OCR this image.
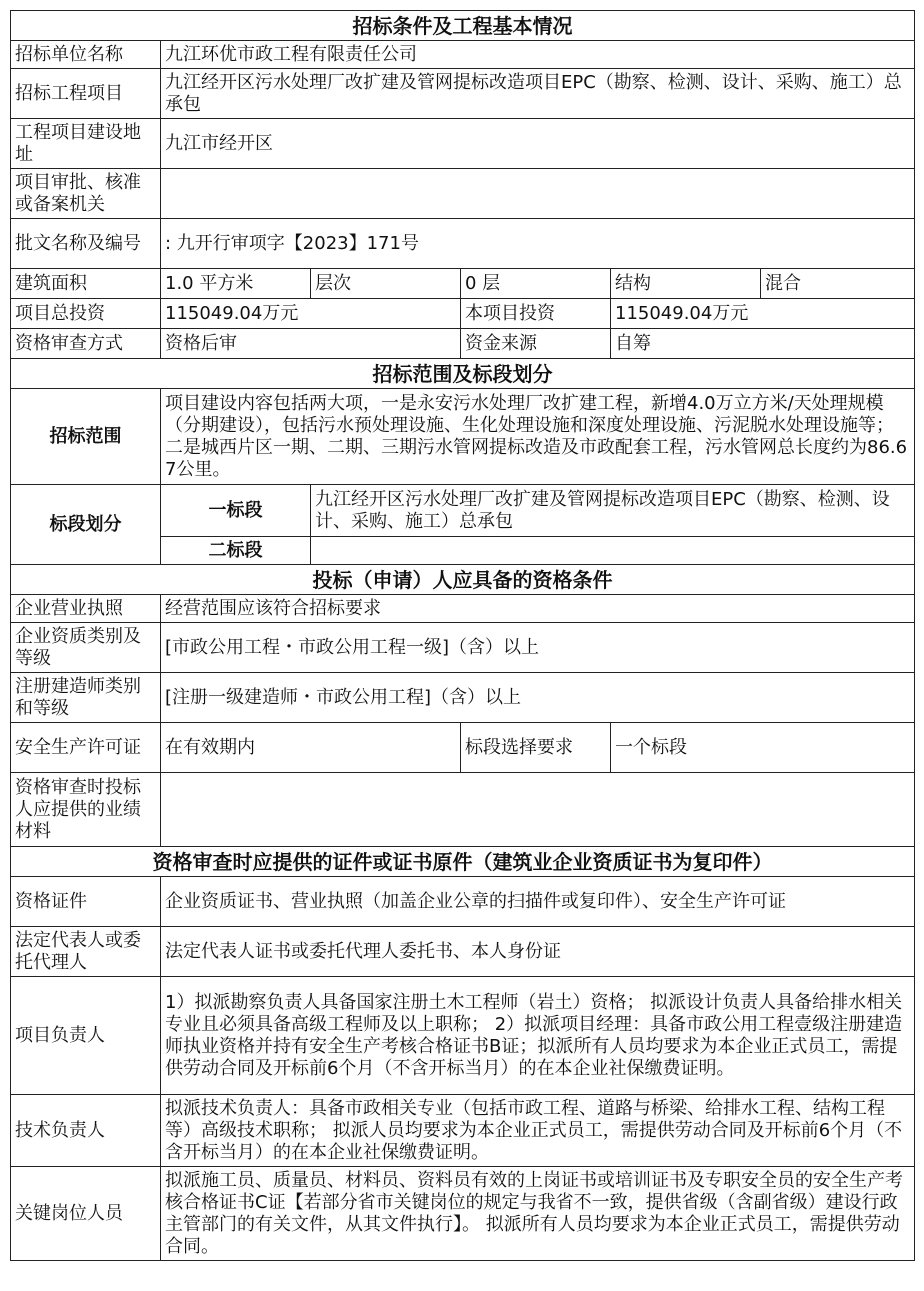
招标条件及工程基本情况					
招标单位名称	九江环优市政工程有限责任公司				
招标工程项目	九江经开区污水处理厂改扩建及管网提标改造项目EPC（勘察、检测、设计、采购、施工）总承包				
工程项目建设地址	九江市经开区				
项目审批、核准或备案机关					
批文名称及编号	: 九开行审项字【2023】171号				
建筑面积	1.0 平方米	层次	0 层	结构	混合
项目总投资	115049.04万元		本项目投资	115049.04万元	
资格审查方式	资格后审		资金来源	自筹	
招标范围及标段划分					
招标范围	项目建设内容包括两大项，一是永安污水处理厂改扩建工程，新增4.0万立方米/天处理规模（分期建设），包括污水预处理设施、生化处理设施和深度处理设施、污泥脱水处理设施等；二是城西片区一期、二期、三期污水管网提标改造及市政配套工程，污水管网总长度约为86.67公里。				
标段划分	一标段	九江经开区污水处理厂改扩建及管网提标改造项目EPC（勘察、检测、设计、采购、施工）总承包			
	二标段				
投标（申请）人应具备的资格条件					
企业营业执照	经营范围应该符合招标要求				
企业资质类别及等级	[市政公用工程・市政公用工程一级]（含）以上				
注册建造师类别和等级	[注册一级建造师・市政公用工程]（含）以上				
安全生产许可证	在有效期内		标段选择要求	一个标段	
资格审查时投标人应提供的业绩材料					
资格审查时应提供的证件或证书原件（建筑业企业资质证书为复印件）					
资格证件	企业资质证书、营业执照（加盖企业公章的扫描件或复印件）、安全生产许可证				
法定代表人或委托代理人	法定代表人证书或委托代理人委托书、本人身份证				
项目负责人	1）拟派勘察负责人具备国家注册土木工程师（岩土）资格； 拟派设计负责人具备给排水相关专业且必须具备高级工程师及以上职称； 2）拟派项目经理：具备市政公用工程壹级注册建造师执业资格并持有安全生产考核合格证书B证；拟派所有人员均要求为本企业正式员工，需提供劳动合同及开标前6个月（不含开标当月）的在本企业社保缴费证明。				
技术负责人	拟派技术负责人：具备市政相关专业（包括市政工程、道路与桥梁、给排水工程、结构工程等）高级技术职称； 拟派人员均要求为本企业正式员工，需提供劳动合同及开标前6个月（不含开标当月）的在本企业社保缴费证明。				
关键岗位人员	拟派施工员、质量员、材料员、资料员有效的上岗证书或培训证书及专职安全员的安全生产考核合格证书C证【若部分省市关键岗位的规定与我省不一致，提供省级（含副省级）建设行政主管部门的有关文件，从其文件执行】。 拟派所有人员均要求为本企业正式员工，需提供劳动合同。				
